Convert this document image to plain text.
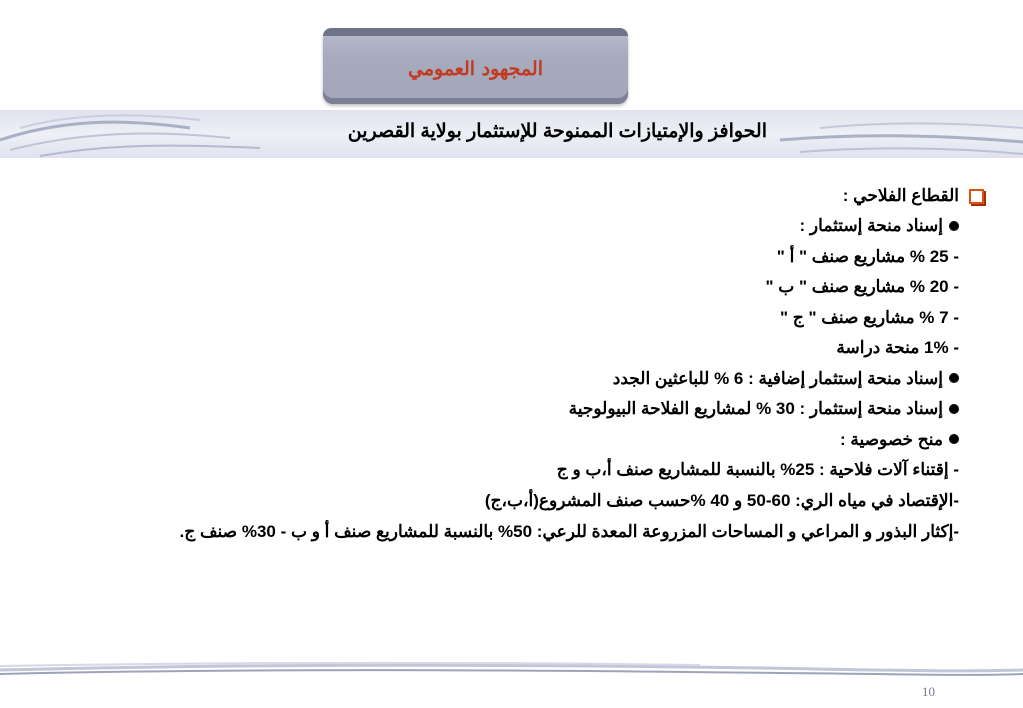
المجهود العمومي
الحوافز والإمتيازات الممنوحة للإستثمار بولاية القصرين
القطاع الفلاحي :
إسناد منحة إستثمار :
- 25 % مشاريع صنف " أ "
- 20 % مشاريع صنف " ب "
- 7 % مشاريع صنف " ج "
- 1% منحة دراسة
إسناد منحة إستثمار إضافية : 6 % للباعثين الجدد
إسناد منحة إستثمار : 30 % لمشاريع الفلاحة البيولوجية
منح خصوصية :
- إقتناء آلات فلاحية : 25% بالنسبة للمشاريع صنف أ،ب و ج
-الإقتصاد في مياه الري: 60-50 و 40 %حسب صنف المشروع(أ،ب،ج)
-إكثار البذور و المراعي و المساحات المزروعة المعدة للرعي: 50% بالنسبة للمشاريع صنف أ و ب - 30% صنف ج.
10
